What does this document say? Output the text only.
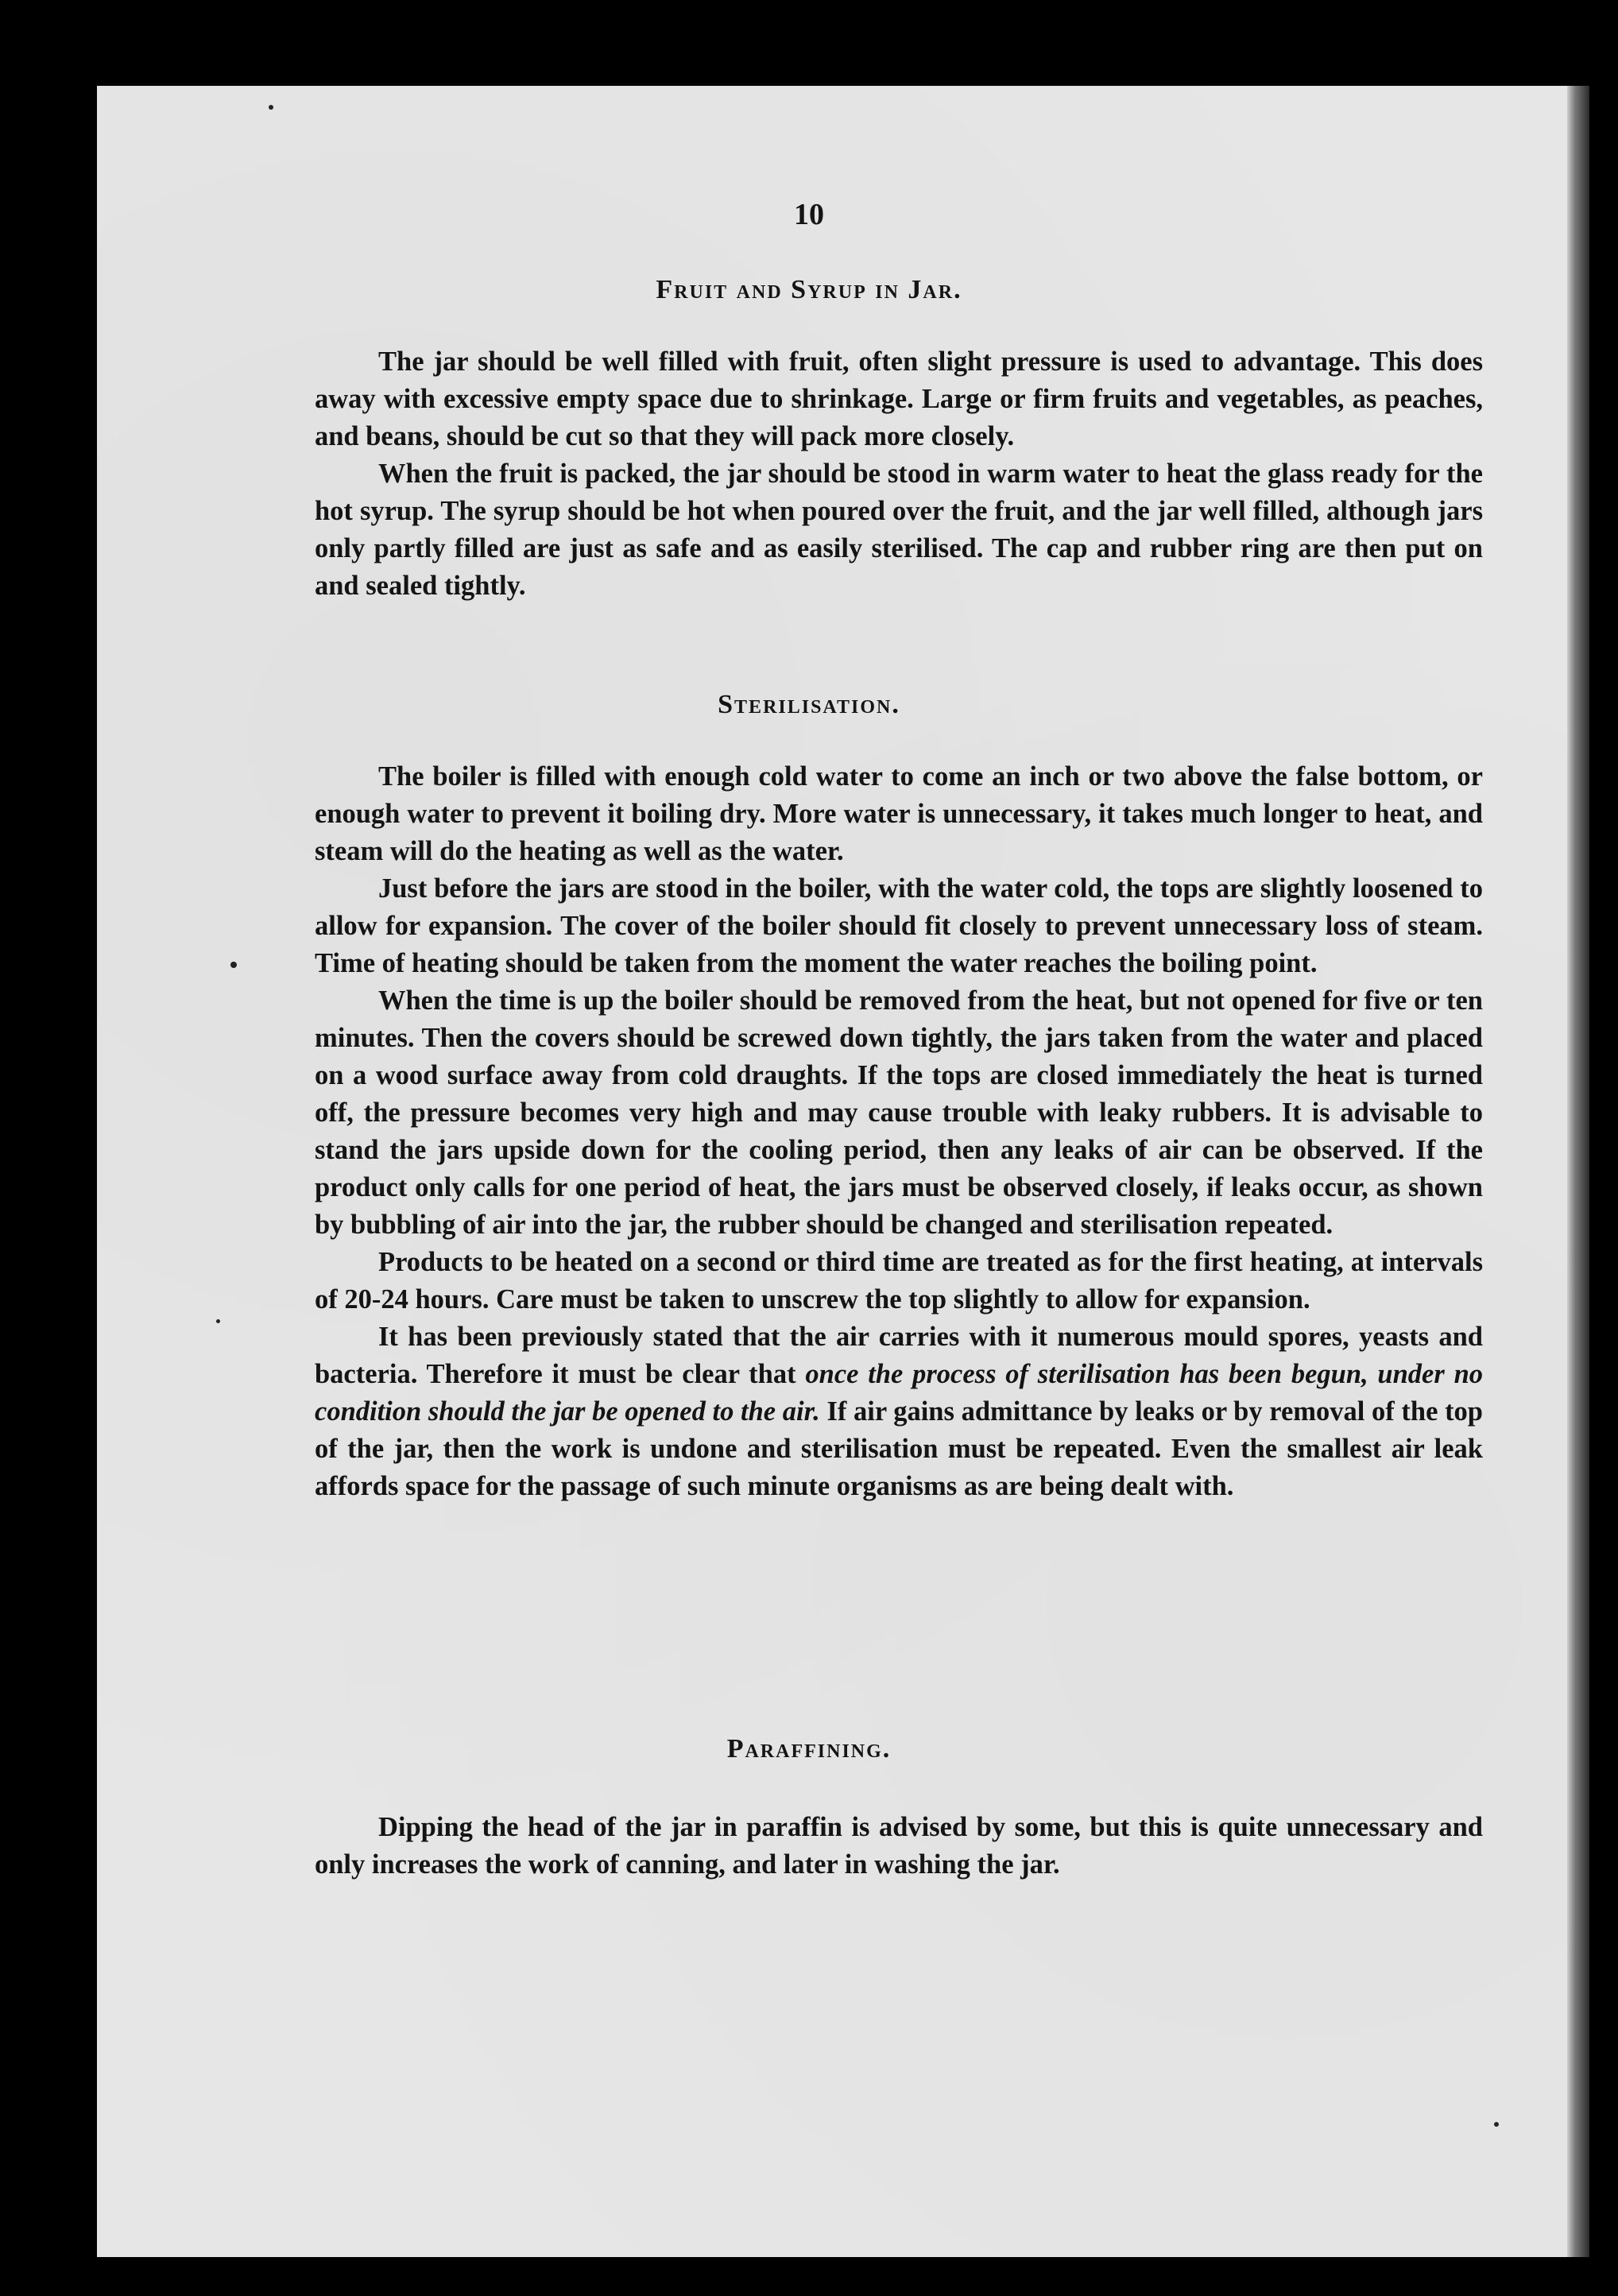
10
Fruit and Syrup in Jar.

The jar should be well filled with fruit, often slight pressure is used to advantage. This does away with excessive empty space due to shrinkage. Large or firm fruits and vegetables, as peaches, and beans, should be cut so that they will pack more closely.

When the fruit is packed, the jar should be stood in warm water to heat the glass ready for the hot syrup. The syrup should be hot when poured over the fruit, and the jar well filled, although jars only partly filled are just as safe and as easily sterilised. The cap and rubber ring are then put on and sealed tightly.

Sterilisation.

The boiler is filled with enough cold water to come an inch or two above the false bottom, or enough water to prevent it boiling dry. More water is unnecessary, it takes much longer to heat, and steam will do the heating as well as the water.

Just before the jars are stood in the boiler, with the water cold, the tops are slightly loosened to allow for expansion. The cover of the boiler should fit closely to prevent unnecessary loss of steam. Time of heating should be taken from the moment the water reaches the boiling point.

When the time is up the boiler should be removed from the heat, but not opened for five or ten minutes. Then the covers should be screwed down tightly, the jars taken from the water and placed on a wood surface away from cold draughts. If the tops are closed immediately the heat is turned off, the pressure becomes very high and may cause trouble with leaky rubbers. It is advisable to stand the jars upside down for the cooling period, then any leaks of air can be observed. If the product only calls for one period of heat, the jars must be observed closely, if leaks occur, as shown by bubbling of air into the jar, the rubber should be changed and sterilisation repeated.

Products to be heated on a second or third time are treated as for the first heating, at intervals of 20-24 hours. Care must be taken to unscrew the top slightly to allow for expansion.

It has been previously stated that the air carries with it numerous mould spores, yeasts and bacteria. Therefore it must be clear that once the process of sterilisation has been begun, under no condition should the jar be opened to the air. If air gains admittance by leaks or by removal of the top of the jar, then the work is undone and sterilisation must be repeated. Even the smallest air leak affords space for the passage of such minute organisms as are being dealt with.

Paraffining.

Dipping the head of the jar in paraffin is advised by some, but this is quite unnecessary and only increases the work of canning, and later in washing the jar.
